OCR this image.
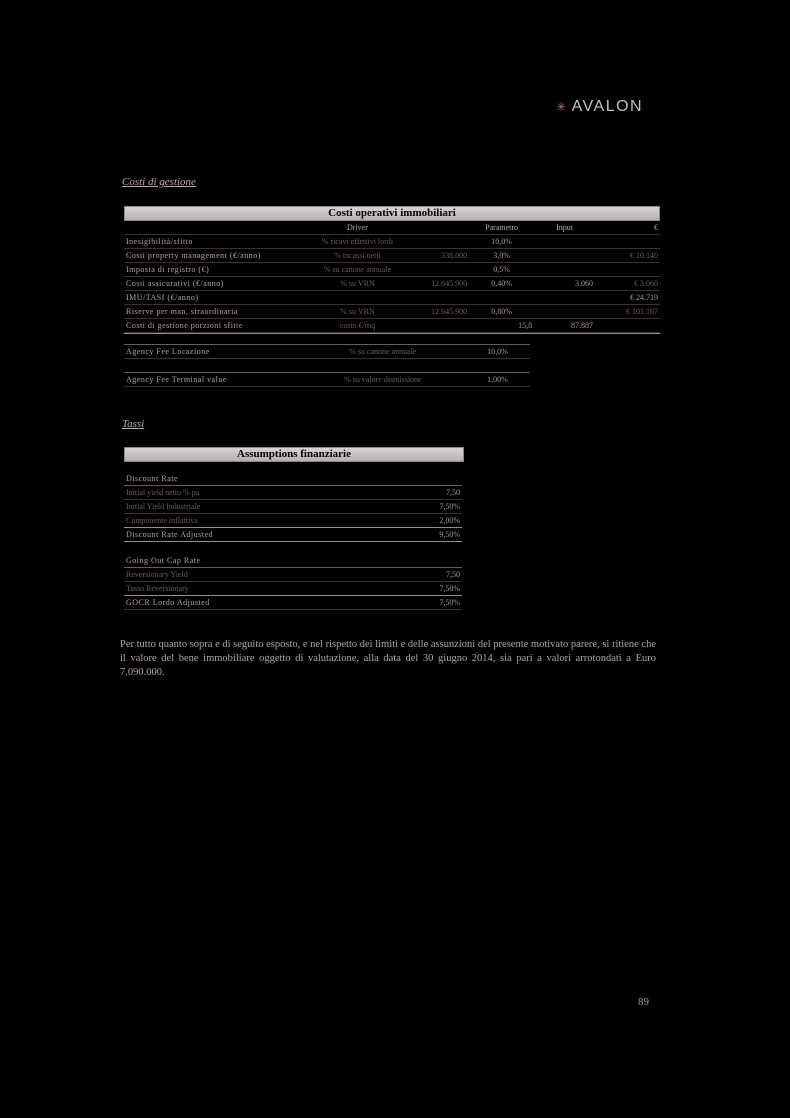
✳ AVALON
Costi di gestione
Costi operativi immobiliari
	Driver		Parametro	Input	€
Inesigibilità/sfitto	% ricavi effettivi lordi		10,0%		
Costi property management (€/anno)	% incassi netti	338.000	3,0%		€ 10.140
Imposta di registro (€)	% su canone annuale		0,5%		
Costi assicurativi (€/anno)	% su VRN	12.645.900	0,40%	3.060	€ 3.060
IMU/TASI (€/anno)					€ 24.719
Riserve per man. straordinaria	% su VRN	12.645.900	0,80%		€ 101.167
Costi di gestione porzioni sfitte	costo €/mq		15,8	87.887	
Agency Fee Locazione	% su canone annuale	10,0%
Agency Fee Terminal value	% su valore dismissione	1,00%
Tassi
Assumptions finanziarie
Discount Rate	
Initial yield netto % pa	7,50
Initial Yield Industriale	7,50%
Componente inflattiva	2,00%
Discount Rate Adjusted	9,50%
Going Out Cap Rate	
Reversionary Yield	7,50
Tasso Reversionary	7,50%
GOCR Lordo Adjusted	7,50%
Per tutto quanto sopra e di seguito esposto, e nel rispetto dei limiti e delle assunzioni del presente motivato parere, si ritiene che il valore del bene immobiliare oggetto di valutazione, alla data del 30 giugno 2014, sia pari a valori arrotondati a Euro 7.090.000.
89
